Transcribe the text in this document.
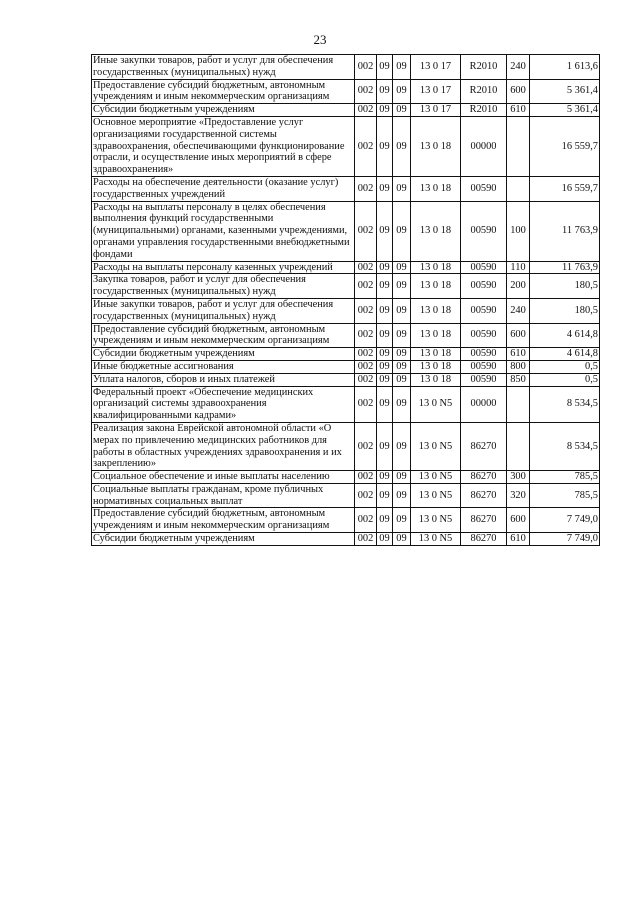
23
Иные закупки товаров, работ и услуг для обеспечения государственных (муниципальных) нужд	002	09	09	13 0 17	R2010	240	1 613,6
Предоставление субсидий бюджетным, автономным учреждениям и иным некоммерческим организациям	002	09	09	13 0 17	R2010	600	5 361,4
Субсидии бюджетным учреждениям	002	09	09	13 0 17	R2010	610	5 361,4
Основное мероприятие «Предоставление услуг организациями государственной системы здравоохранения, обеспечивающими функционирование отрасли, и осуществление иных мероприятий в сфере здравоохранения»	002	09	09	13 0 18	00000		16 559,7
Расходы на обеспечение деятельности (оказание услуг) государственных учреждений	002	09	09	13 0 18	00590		16 559,7
Расходы на выплаты персоналу в целях обеспечения выполнения функций государственными (муниципальными) органами, казенными учреждениями, органами управления государственными внебюджетными фондами	002	09	09	13 0 18	00590	100	11 763,9
Расходы на выплаты персоналу казенных учреждений	002	09	09	13 0 18	00590	110	11 763,9
Закупка товаров, работ и услуг для обеспечения государственных (муниципальных) нужд	002	09	09	13 0 18	00590	200	180,5
Иные закупки товаров, работ и услуг для обеспечения государственных (муниципальных) нужд	002	09	09	13 0 18	00590	240	180,5
Предоставление субсидий бюджетным, автономным учреждениям и иным некоммерческим организациям	002	09	09	13 0 18	00590	600	4 614,8
Субсидии бюджетным учреждениям	002	09	09	13 0 18	00590	610	4 614,8
Иные бюджетные ассигнования	002	09	09	13 0 18	00590	800	0,5
Уплата налогов, сборов и иных платежей	002	09	09	13 0 18	00590	850	0,5
Федеральный проект «Обеспечение медицинских организаций системы здравоохранения квалифицированными кадрами»	002	09	09	13 0 N5	00000		8 534,5
Реализация закона Еврейской автономной области «О мерах по привлечению медицинских работников для работы в областных учреждениях здравоохранения и их закреплению»	002	09	09	13 0 N5	86270		8 534,5
Социальное обеспечение и иные выплаты населению	002	09	09	13 0 N5	86270	300	785,5
Социальные выплаты гражданам, кроме публичных нормативных социальных выплат	002	09	09	13 0 N5	86270	320	785,5
Предоставление субсидий бюджетным, автономным учреждениям и иным некоммерческим организациям	002	09	09	13 0 N5	86270	600	7 749,0
Субсидии бюджетным учреждениям	002	09	09	13 0 N5	86270	610	7 749,0
